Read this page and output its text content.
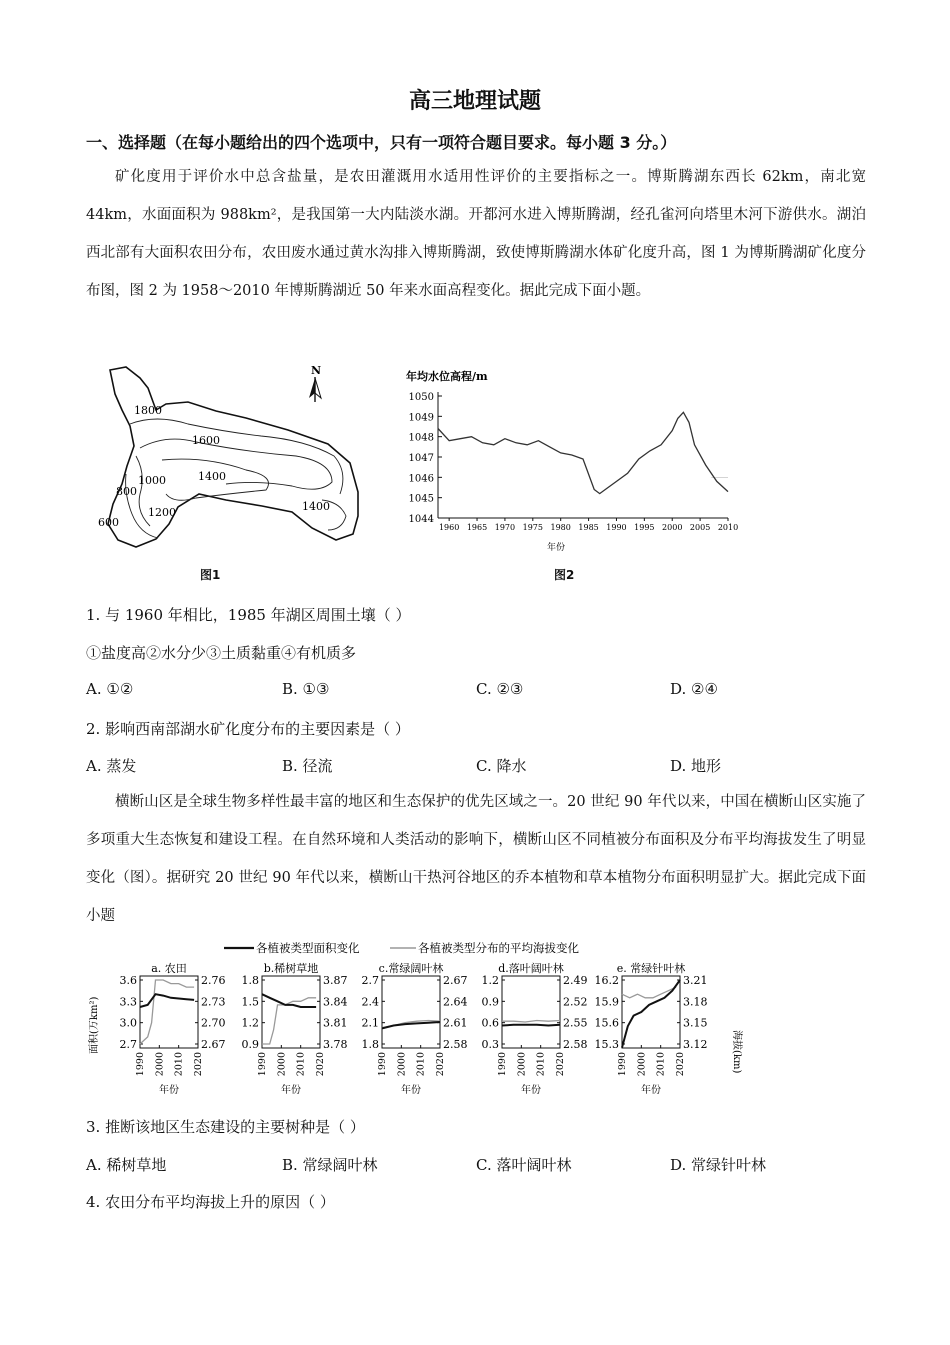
高三地理试题
一、选择题（在每小题给出的四个选项中，只有一项符合题目要求。每小题 3 分。）
矿化度用于评价水中总含盐量，是农田灌溉用水适用性评价的主要指标之一。博斯腾湖东西长 62km，南北宽 44km，水面面积为 988km²，是我国第一大内陆淡水湖。开都河水进入博斯腾湖，经孔雀河向塔里木河下游供水。湖泊西北部有大面积农田分布，农田废水通过黄水沟排入博斯腾湖，致使博斯腾湖水体矿化度升高，图 1 为博斯腾湖矿化度分布图，图 2 为 1958～2010 年博斯腾湖近 50 年来水面高程变化。据此完成下面小题。
1800
1600
1400
1000
800
1200
600
1400
N
图1
年均水位高程/m
1050
1049
1048
1047
1046
1045
1044
1960 1965 1970 1975 1980 1985 1990 1995 2000 2005 2010
年份
图2
1. 与 1960 年相比，1985 年湖区周围土壤（ ）
①盐度高②水分少③土质黏重④有机质多
A. ①②	B. ①③	C. ②③	D. ②④
2. 影响西南部湖水矿化度分布的主要因素是（ ）
A. 蒸发	B. 径流	C. 降水	D. 地形
横断山区是全球生物多样性最丰富的地区和生态保护的优先区域之一。20 世纪 90 年代以来，中国在横断山区实施了多项重大生态恢复和建设工程。在自然环境和人类活动的影响下，横断山区不同植被分布面积及分布平均海拔发生了明显变化（图）。据研究 20 世纪 90 年代以来，横断山干热河谷地区的乔本植物和草本植物分布面积明显扩大。据此完成下面小题
各植被类型面积变化	各植被类型分布的平均海拔变化
面积(万km²)	海拔(km)
a. 农田
3.6
3.3
3.0
2.7
2.76
2.73
2.70
2.67
1990 2000 2010 2020
年份
b.稀树草地
1.8
1.5
1.2
0.9
3.87
3.84
3.81
3.78
1990 2000 2010 2020
年份
c.常绿阔叶林
2.7
2.4
2.1
1.8
2.67
2.64
2.61
2.58
1990 2000 2010 2020
年份
d.落叶阔叶林
1.2
0.9
0.6
0.3
2.49
2.52
2.55
2.58
1990 2000 2010 2020
年份
e. 常绿针叶林
16.2
15.9
15.6
15.3
3.21
3.18
3.15
3.12
1990 2000 2010 2020
年份
3. 推断该地区生态建设的主要树种是（ ）
A. 稀树草地	B. 常绿阔叶林	C. 落叶阔叶林	D. 常绿针叶林
4. 农田分布平均海拔上升的原因（ ）
